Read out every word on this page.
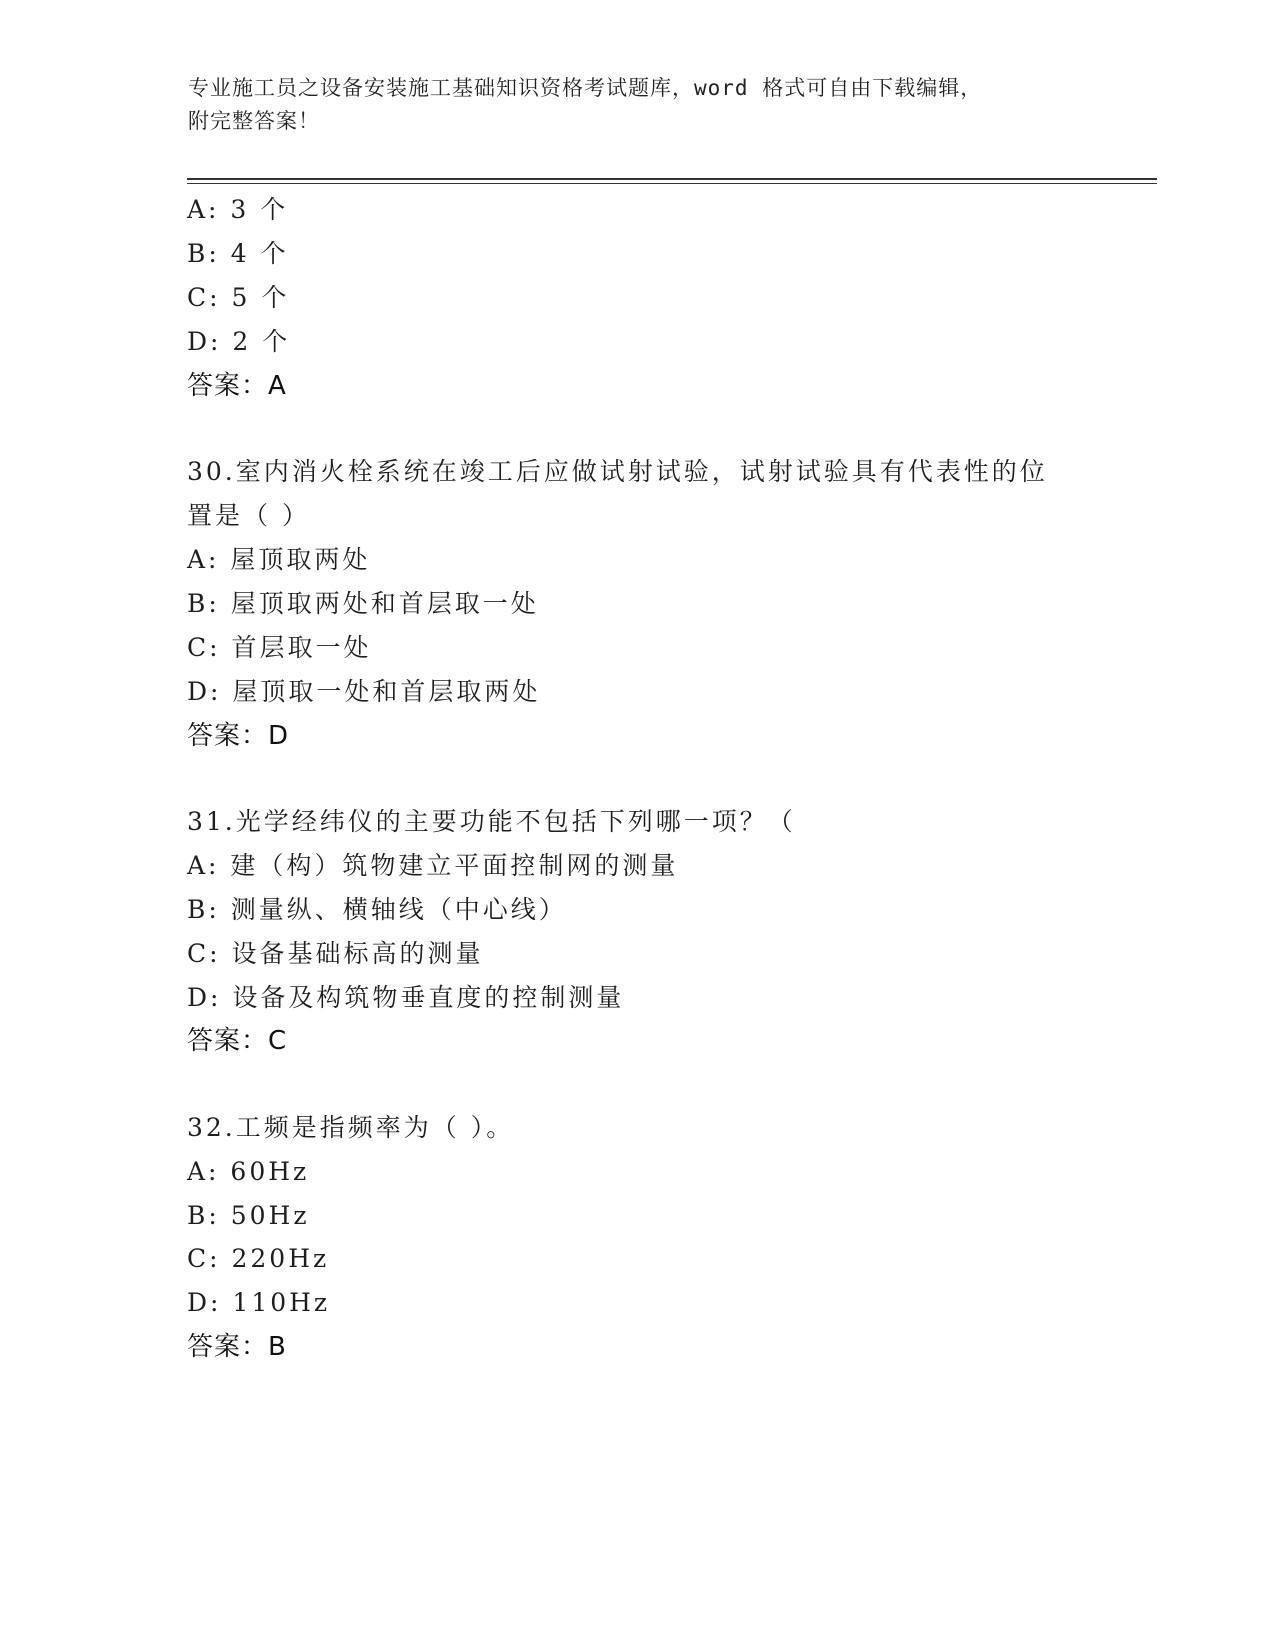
专业施工员之设备安装施工基础知识资格考试题库，word 格式可自由下载编辑，
附完整答案！
A: 3 个
B: 4 个
C: 5 个
D: 2 个
答案：A
30.室内消火栓系统在竣工后应做试射试验，试射试验具有代表性的位
置是（ ）
A: 屋顶取两处
B: 屋顶取两处和首层取一处
C: 首层取一处
D: 屋顶取一处和首层取两处
答案：D
31.光学经纬仪的主要功能不包括下列哪一项？（
A: 建（构）筑物建立平面控制网的测量
B: 测量纵、横轴线（中心线）
C: 设备基础标高的测量
D: 设备及构筑物垂直度的控制测量
答案：C
32.工频是指频率为（ ）。
A: 60Hz
B: 50Hz
C: 220Hz
D: 110Hz
答案：B
